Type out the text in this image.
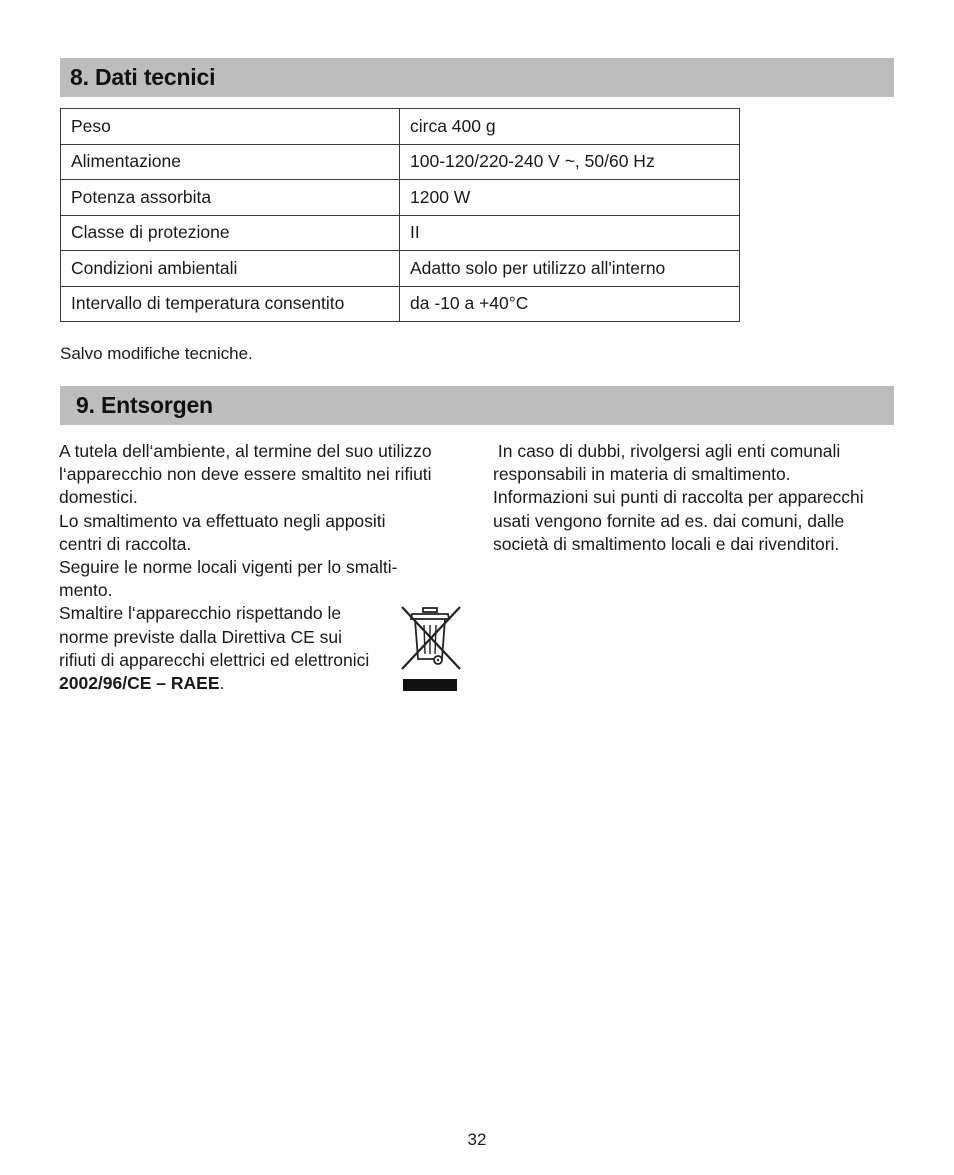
8. Dati tecnici
Peso	circa 400 g
Alimentazione	100-120/220-240 V ~, 50/60 Hz
Potenza assorbita	1200 W
Classe di protezione	II
Condizioni ambientali	Adatto solo per utilizzo all'interno
Intervallo di temperatura consentito	da -10 a +40°C

Salvo modifiche tecniche.

9. Entsorgen

A tutela dell‘ambiente, al termine del suo utilizzo

l‘apparecchio non deve essere smaltito nei rifiuti

domestici.

Lo smaltimento va effettuato negli appositi

centri di raccolta.

Seguire le norme locali vigenti per lo smalti-

mento.

Smaltire l‘apparecchio rispettando le

norme previste dalla Direttiva CE sui

rifiuti di apparecchi elettrici ed elettronici

2002/96/CE – RAEE.

In caso di dubbi, rivolgersi agli enti comunali

responsabili in materia di smaltimento.

Informazioni sui punti di raccolta per apparecchi

usati vengono fornite ad es. dai comuni, dalle

società di smaltimento locali e dai rivenditori.

32
